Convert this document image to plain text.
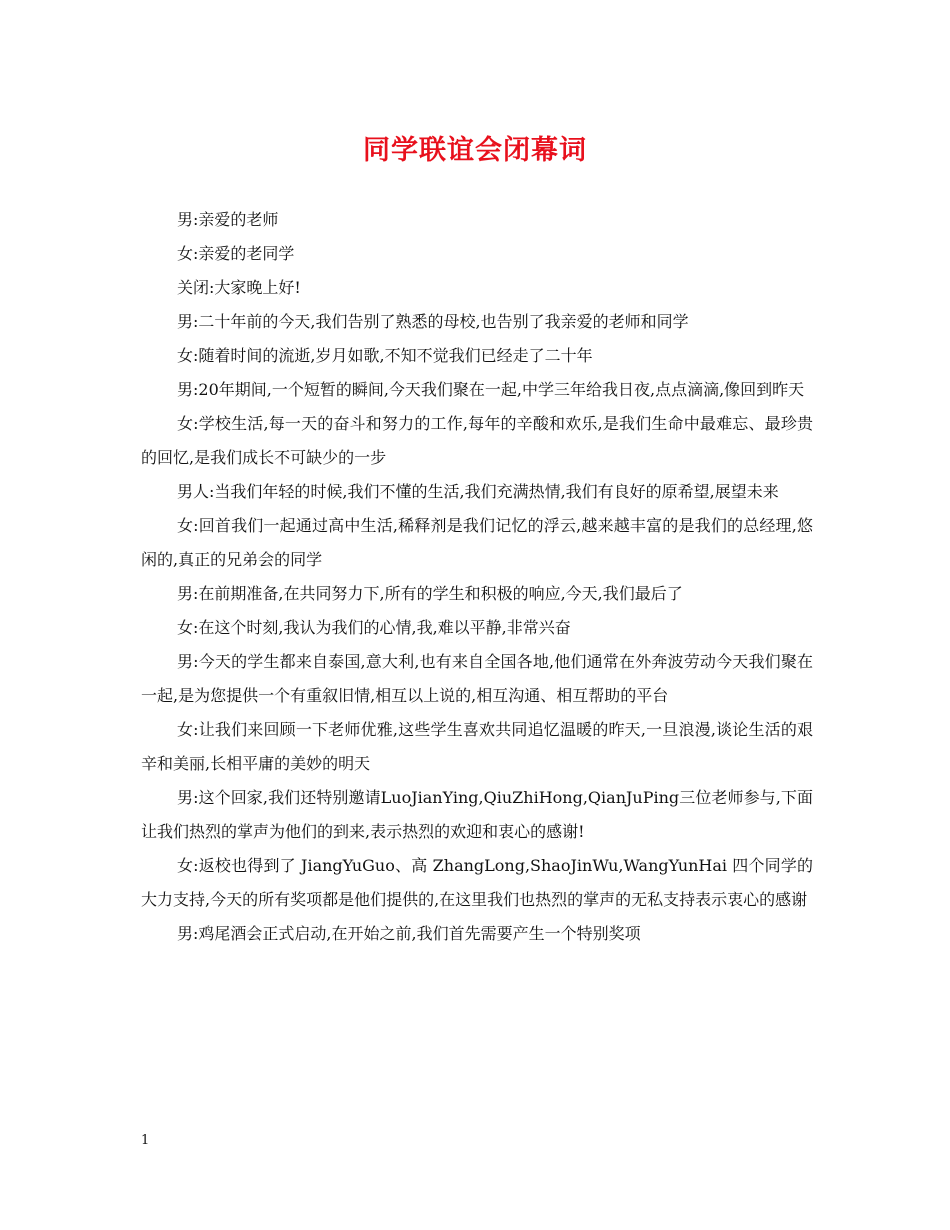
同学联谊会闭幕词

男:亲爱的老师

女:亲爱的老同学

关闭:大家晚上好!

男:二十年前的今天,我们告别了熟悉的母校,也告别了我亲爱的老师和同学

女:随着时间的流逝,岁月如歌,不知不觉我们已经走了二十年

男:20年期间,一个短暂的瞬间,今天我们聚在一起,中学三年给我日夜,点点滴滴,像回到昨天

女:学校生活,每一天的奋斗和努力的工作,每年的辛酸和欢乐,是我们生命中最难忘、最珍贵的回忆,是我们成长不可缺少的一步

男人:当我们年轻的时候,我们不懂的生活,我们充满热情,我们有良好的原希望,展望未来

女:回首我们一起通过高中生活,稀释剂是我们记忆的浮云,越来越丰富的是我们的总经理,悠闲的,真正的兄弟会的同学

男:在前期准备,在共同努力下,所有的学生和积极的响应,今天,我们最后了

女:在这个时刻,我认为我们的心情,我,难以平静,非常兴奋

男:今天的学生都来自泰国,意大利,也有来自全国各地,他们通常在外奔波劳动今天我们聚在一起,是为您提供一个有重叙旧情,相互以上说的,相互沟通、相互帮助的平台

女:让我们来回顾一下老师优雅,这些学生喜欢共同追忆温暖的昨天,一旦浪漫,谈论生活的艰辛和美丽,长相平庸的美妙的明天

男:这个回家,我们还特别邀请LuoJianYing,QiuZhiHong,QianJuPing三位老师参与,下面让我们热烈的掌声为他们的到来,表示热烈的欢迎和衷心的感谢!

女:返校也得到了 JiangYuGuo、高 ZhangLong,ShaoJinWu,WangYunHai 四个同学的大力支持,今天的所有奖项都是他们提供的,在这里我们也热烈的掌声的无私支持表示衷心的感谢

男:鸡尾酒会正式启动,在开始之前,我们首先需要产生一个特别奖项

1
